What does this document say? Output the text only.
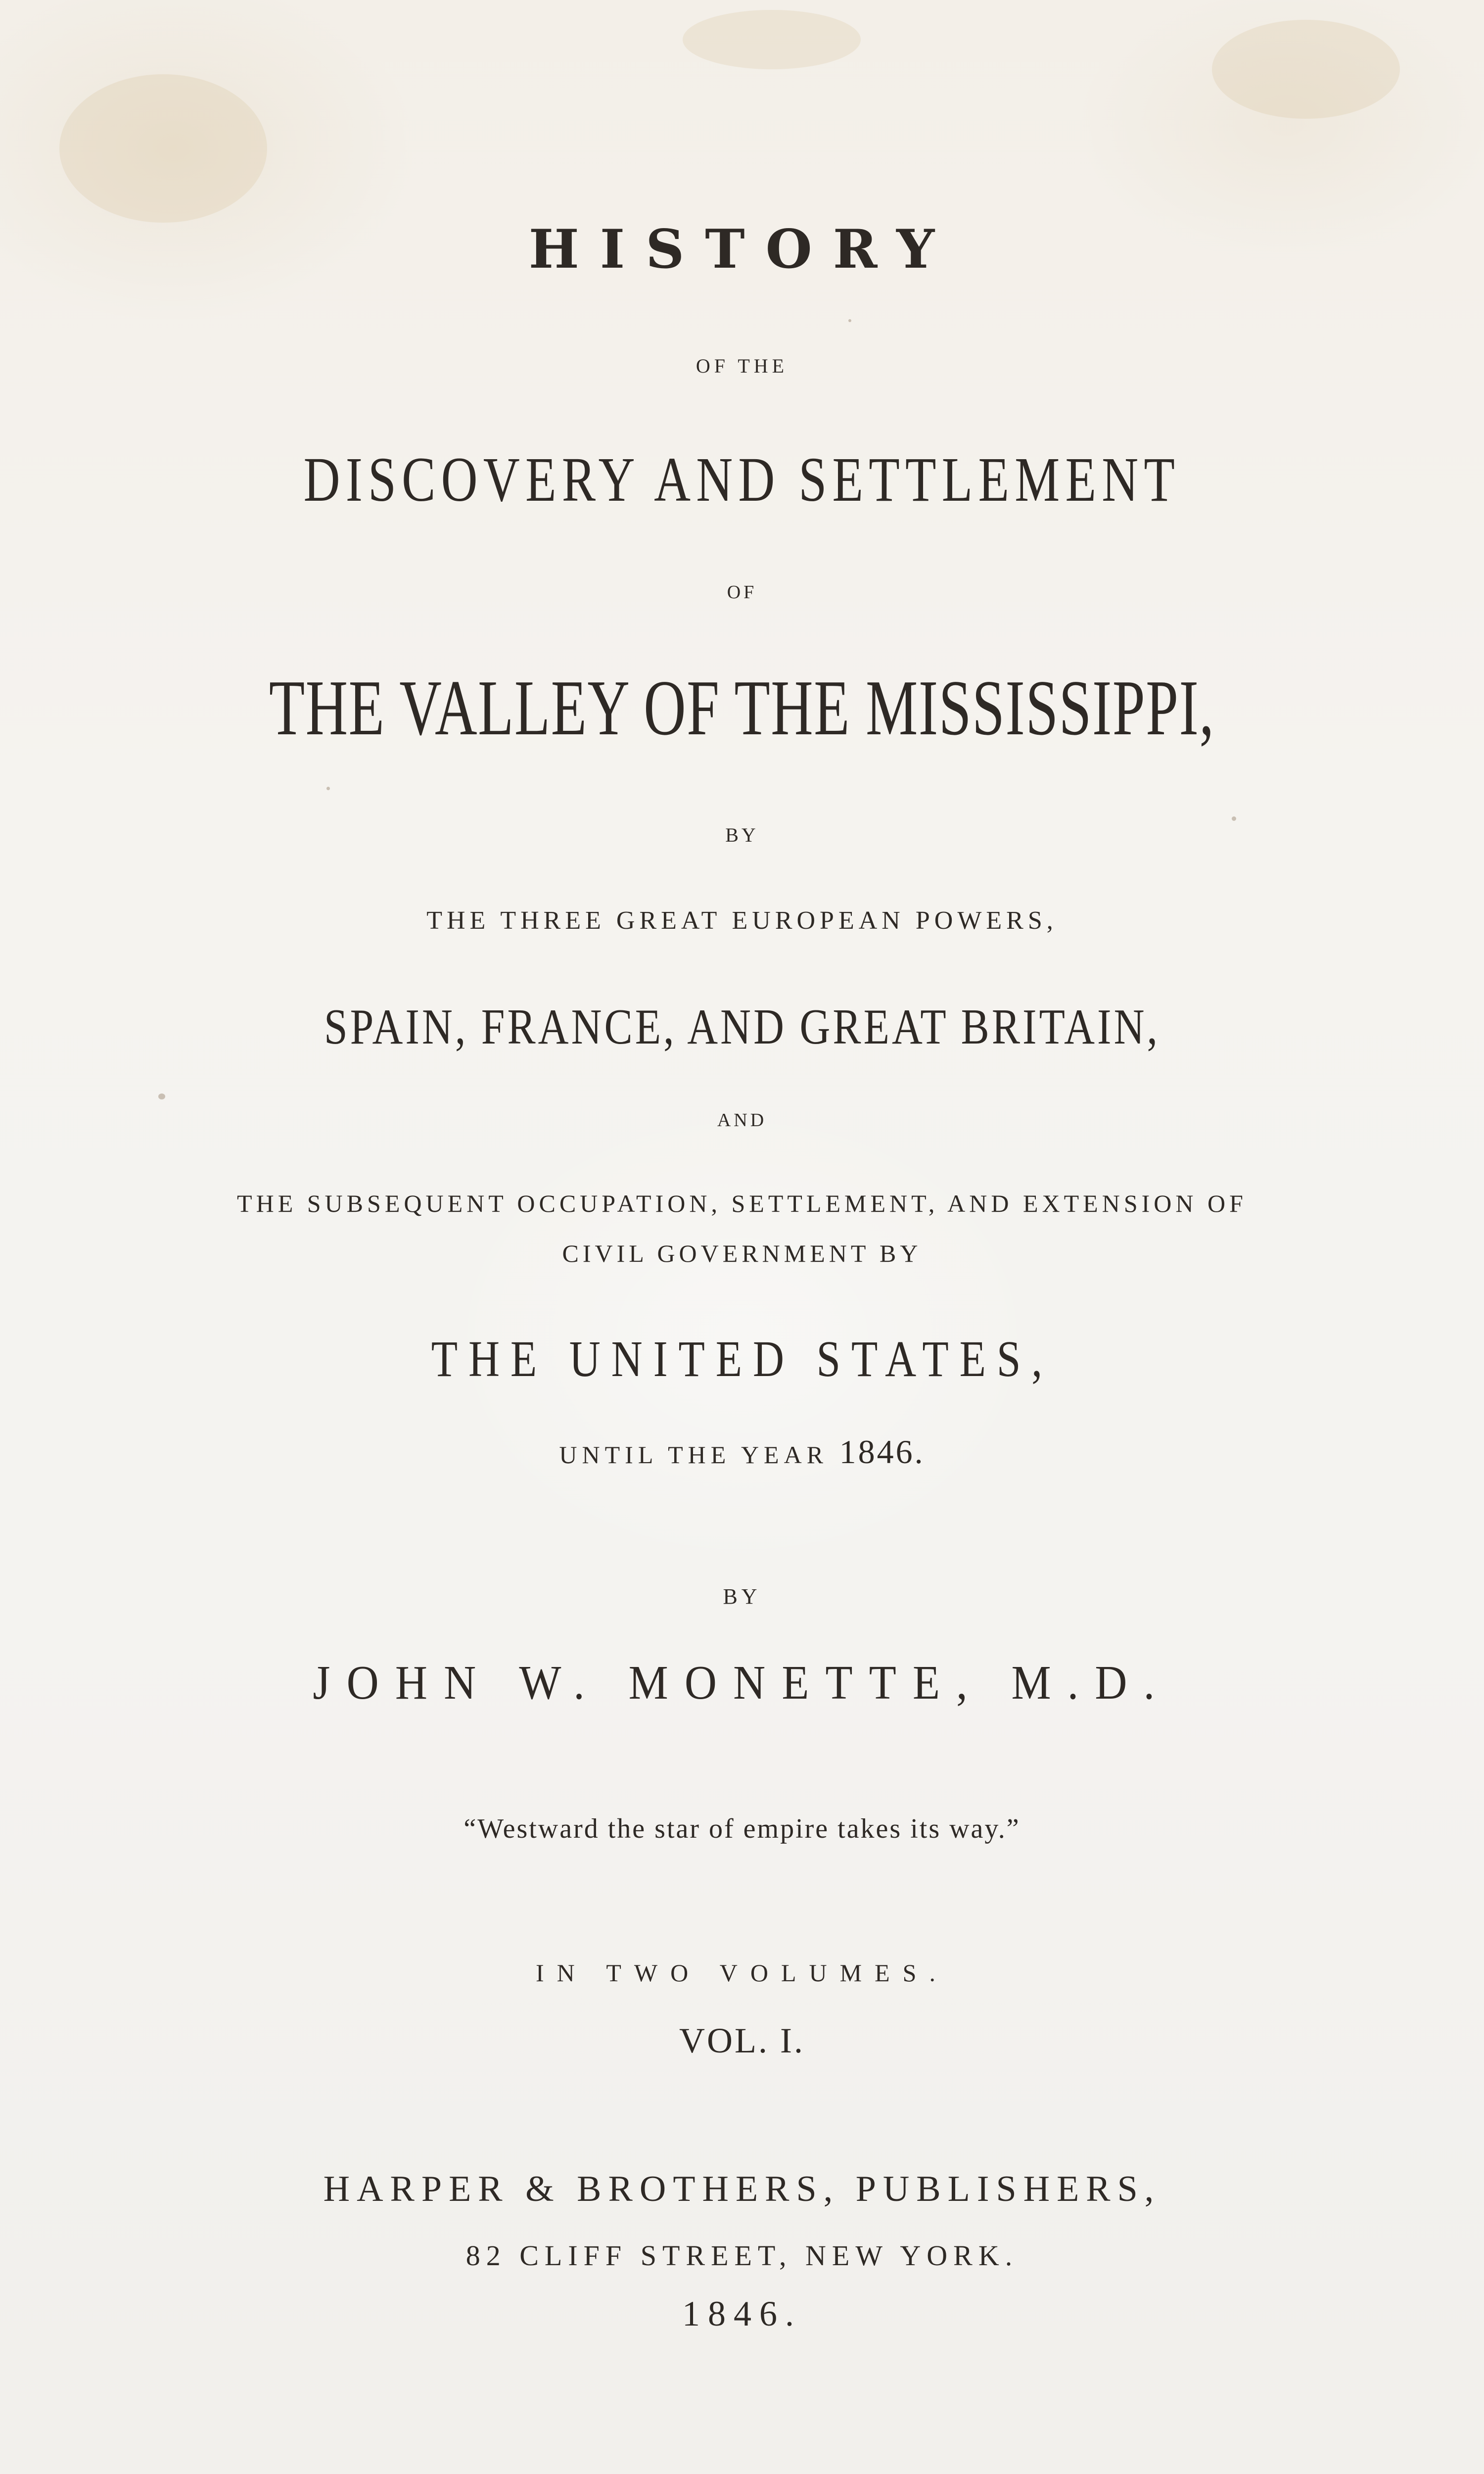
HISTORY
OF THE
DISCOVERY AND SETTLEMENT
OF
THE VALLEY OF THE MISSISSIPPI,
BY
THE THREE GREAT EUROPEAN POWERS,
SPAIN, FRANCE, AND GREAT BRITAIN,
AND
THE SUBSEQUENT OCCUPATION, SETTLEMENT, AND EXTENSION OF
CIVIL GOVERNMENT BY
THE UNITED STATES,
UNTIL THE YEAR 1846.
BY
JOHN W. MONETTE, M.D.
“Westward the star of empire takes its way.”
IN TWO VOLUMES.
VOL. I.
HARPER & BROTHERS, PUBLISHERS,
82 CLIFF STREET, NEW YORK.
1846.
